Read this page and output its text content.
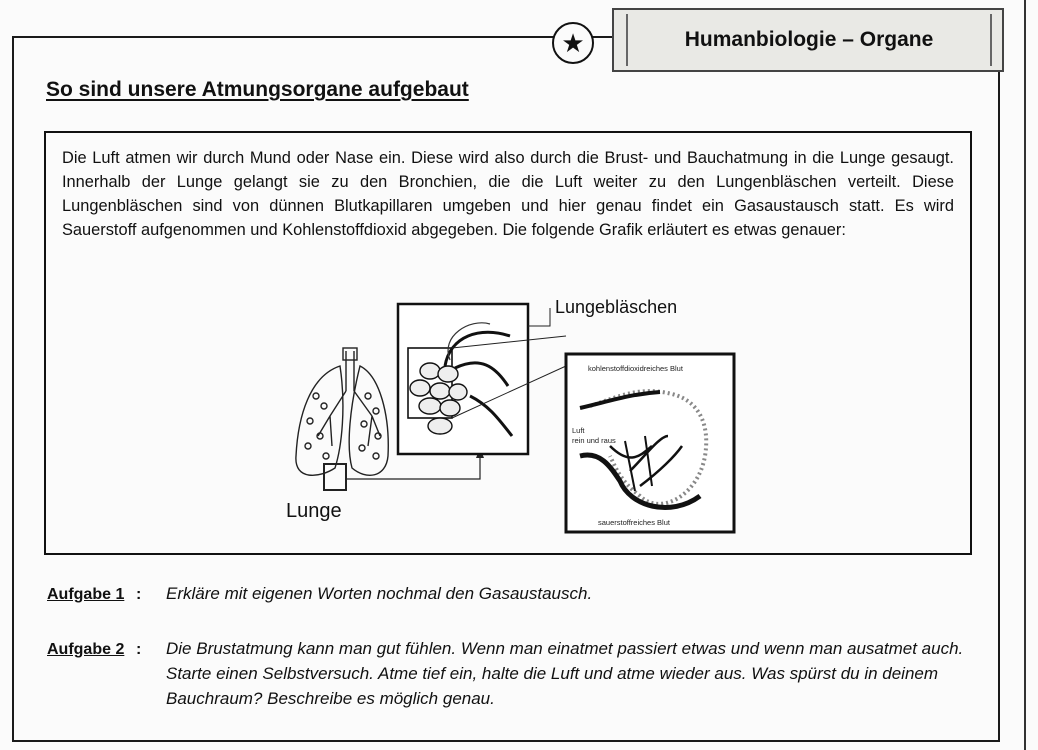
Humanbiologie – Organe
★
So sind unsere Atmungsorgane aufgebaut

Die Luft atmen wir durch Mund oder Nase ein. Diese wird also durch die Brust- und Bauchatmung in die Lunge gesaugt. Innerhalb der Lunge gelangt sie zu den Bronchien, die die Luft weiter zu den Lungenbläschen verteilt. Diese Lungenbläschen sind von dünnen Blutkapillaren umgeben und hier genau findet ein Gasaustausch statt. Es wird Sauerstoff aufgenommen und Kohlenstoffdioxid abgegeben. Die folgende Grafik erläutert es etwas genauer:

Lunge
Lungebläschen
kohlenstoffdioxidreiches Blut
Luft
rein und raus
sauerstoffreiches Blut
Aufgabe 1 : Erkläre mit eigenen Worten nochmal den Gasaustausch.

Aufgabe 2 : Die Brustatmung kann man gut fühlen. Wenn man einatmet passiert etwas und wenn man ausatmet auch. Starte einen Selbstversuch. Atme tief ein, halte die Luft und atme wieder aus. Was spürst du in deinem Bauchraum? Beschreibe es möglich genau.
